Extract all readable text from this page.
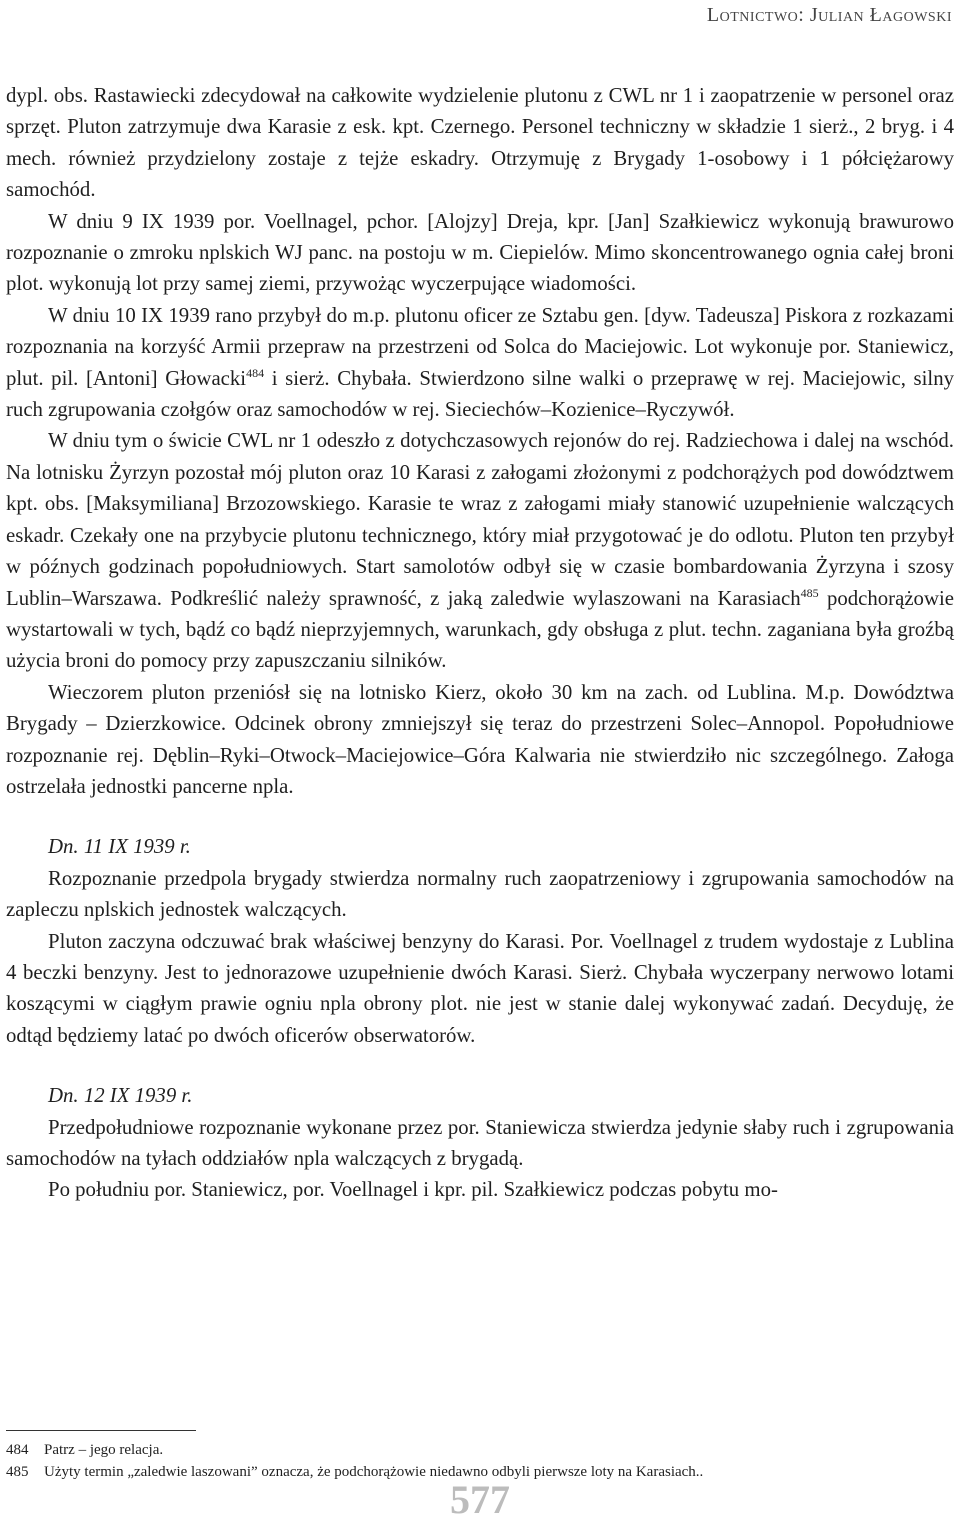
Lotnictwo: Julian Łagowski

dypl. obs. Rastawiecki zdecydował na całkowite wydzielenie plutonu z CWL nr 1 i zaopatrzenie w personel oraz sprzęt. Pluton zatrzymuje dwa Karasie z esk. kpt. Czernego. Personel techniczny w składzie 1 sierż., 2 bryg. i 4 mech. również przydzielony zostaje z tejże eskadry. Otrzymuję z Brygady 1-osobowy i 1 półciężarowy samochód.

W dniu 9 IX 1939 por. Voellnagel, pchor. [Alojzy] Dreja, kpr. [Jan] Szałkiewicz wykonują brawurowo rozpoznanie o zmroku nplskich WJ panc. na postoju w m. Ciepielów. Mimo skoncentrowanego ognia całej broni plot. wykonują lot przy samej ziemi, przywożąc wyczerpujące wiadomości.

W dniu 10 IX 1939 rano przybył do m.p. plutonu oficer ze Sztabu gen. [dyw. Tadeusza] Piskora z rozkazami rozpoznania na korzyść Armii przepraw na przestrzeni od Solca do Maciejowic. Lot wykonuje por. Staniewicz, plut. pil. [Antoni] Głowacki$^{484}$ i sierż. Chybała. Stwierdzono silne walki o przeprawę w rej. Maciejowic, silny ruch zgrupowania czołgów oraz samochodów w rej. Sieciechów–Kozienice–Ryczywół.

W dniu tym o świcie CWL nr 1 odeszło z dotychczasowych rejonów do rej. Radziechowa i dalej na wschód. Na lotnisku Żyrzyn pozostał mój pluton oraz 10 Karasi z załogami złożonymi z podchorążych pod dowództwem kpt. obs. [Maksymiliana] Brzozowskiego. Karasie te wraz z załogami miały stanowić uzupełnienie walczących eskadr. Czekały one na przybycie plutonu technicznego, który miał przygotować je do odlotu. Pluton ten przybył w późnych godzinach popołudniowych. Start samolotów odbył się w czasie bombardowania Żyrzyna i szosy Lublin–Warszawa. Podkreślić należy sprawność, z jaką zaledwie wylaszowani na Karasiach$^{485}$ podchorążowie wystartowali w tych, bądź co bądź nieprzyjemnych, warunkach, gdy obsługa z plut. techn. zaganiana była groźbą użycia broni do pomocy przy zapuszczaniu silników.

Wieczorem pluton przeniósł się na lotnisko Kierz, około 30 km na zach. od Lublina. M.p. Dowództwa Brygady – Dzierzkowice. Odcinek obrony zmniejszył się teraz do przestrzeni Solec–Annopol. Popołudniowe rozpoznanie rej. Dęblin–Ryki–Otwock–Maciejowice–Góra Kalwaria nie stwierdziło nic szczególnego. Załoga ostrzelała jednostki pancerne npla.

Dn. 11 IX 1939 r.

Rozpoznanie przedpola brygady stwierdza normalny ruch zaopatrzeniowy i zgrupowania samochodów na zapleczu nplskich jednostek walczących.

Pluton zaczyna odczuwać brak właściwej benzyny do Karasi. Por. Voellnagel z trudem wydostaje z Lublina 4 beczki benzyny. Jest to jednorazowe uzupełnienie dwóch Karasi. Sierż. Chybała wyczerpany nerwowo lotami koszącymi w ciągłym prawie ogniu npla obrony plot. nie jest w stanie dalej wykonywać zadań. Decyduję, że odtąd będziemy latać po dwóch oficerów obserwatorów.

Dn. 12 IX 1939 r.

Przedpołudniowe rozpoznanie wykonane przez por. Staniewicza stwierdza jedynie słaby ruch i zgrupowania samochodów na tyłach oddziałów npla walczących z brygadą.

Po południu por. Staniewicz, por. Voellnagel i kpr. pil. Szałkiewicz podczas pobytu mo-

484 Patrz – jego relacja.

485 Użyty termin „zaledwie laszowani” oznacza, że podchorążowie niedawno odbyli pierwsze loty na Karasiach..

577
